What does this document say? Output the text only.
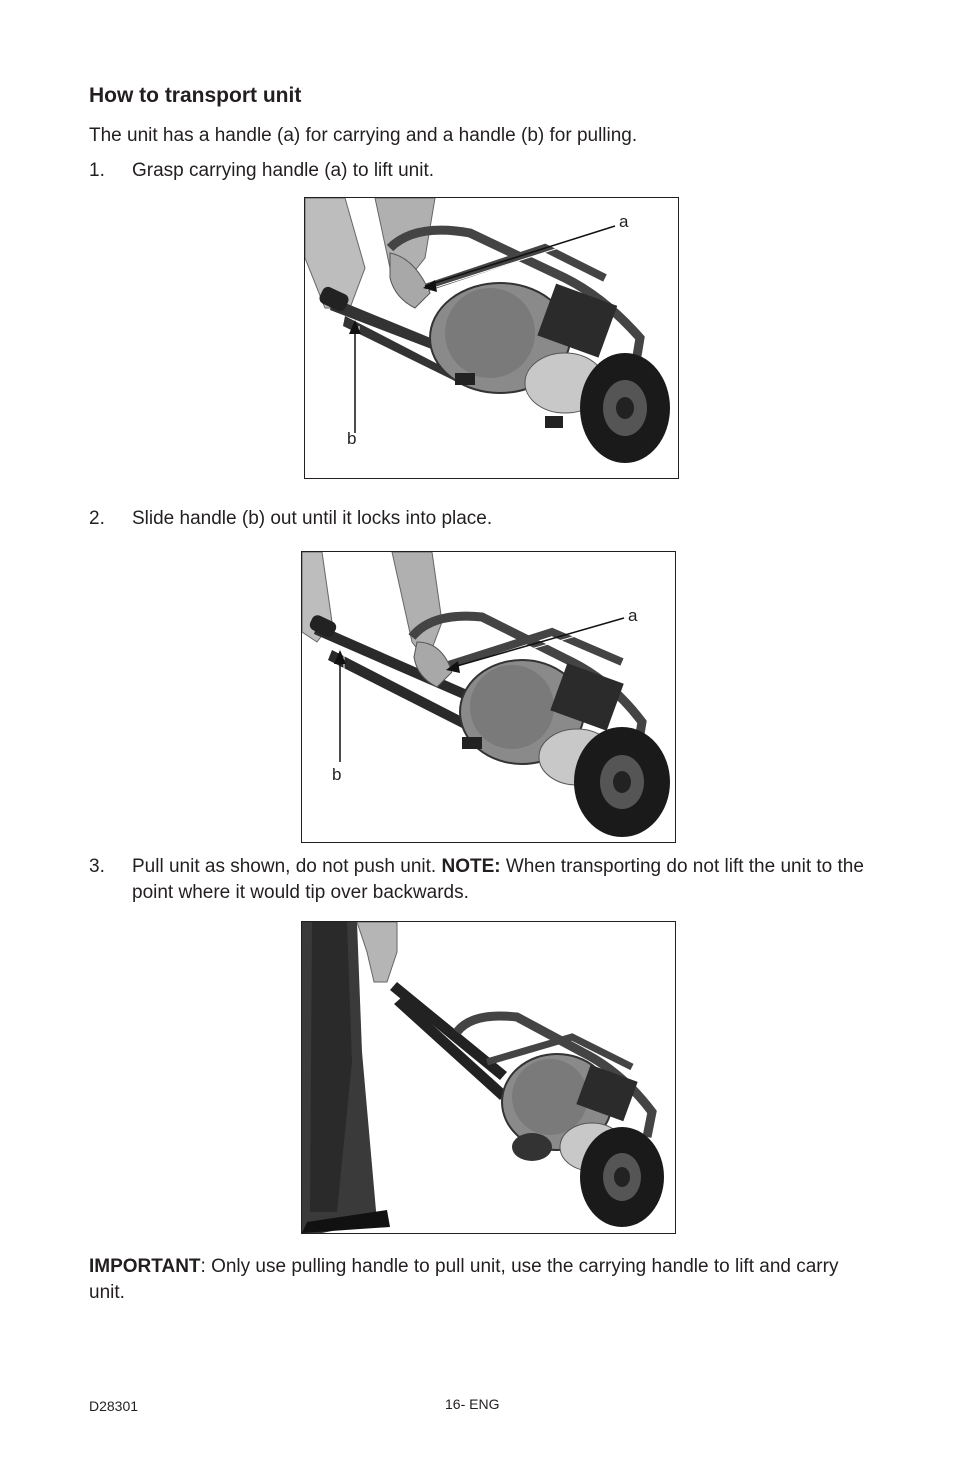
How to transport unit
The unit has a handle (a) for carrying and a handle (b) for pulling.
1. Grasp carrying handle (a) to lift unit.
a
b
2. Slide handle (b) out until it locks into place.
a
b
3. Pull unit as shown, do not push unit. NOTE: When transporting do not lift the unit to the point where it would tip over backwards.
IMPORTANT: Only use pulling handle to pull unit, use the carrying handle to lift and carry unit.
D28301	16- ENG
